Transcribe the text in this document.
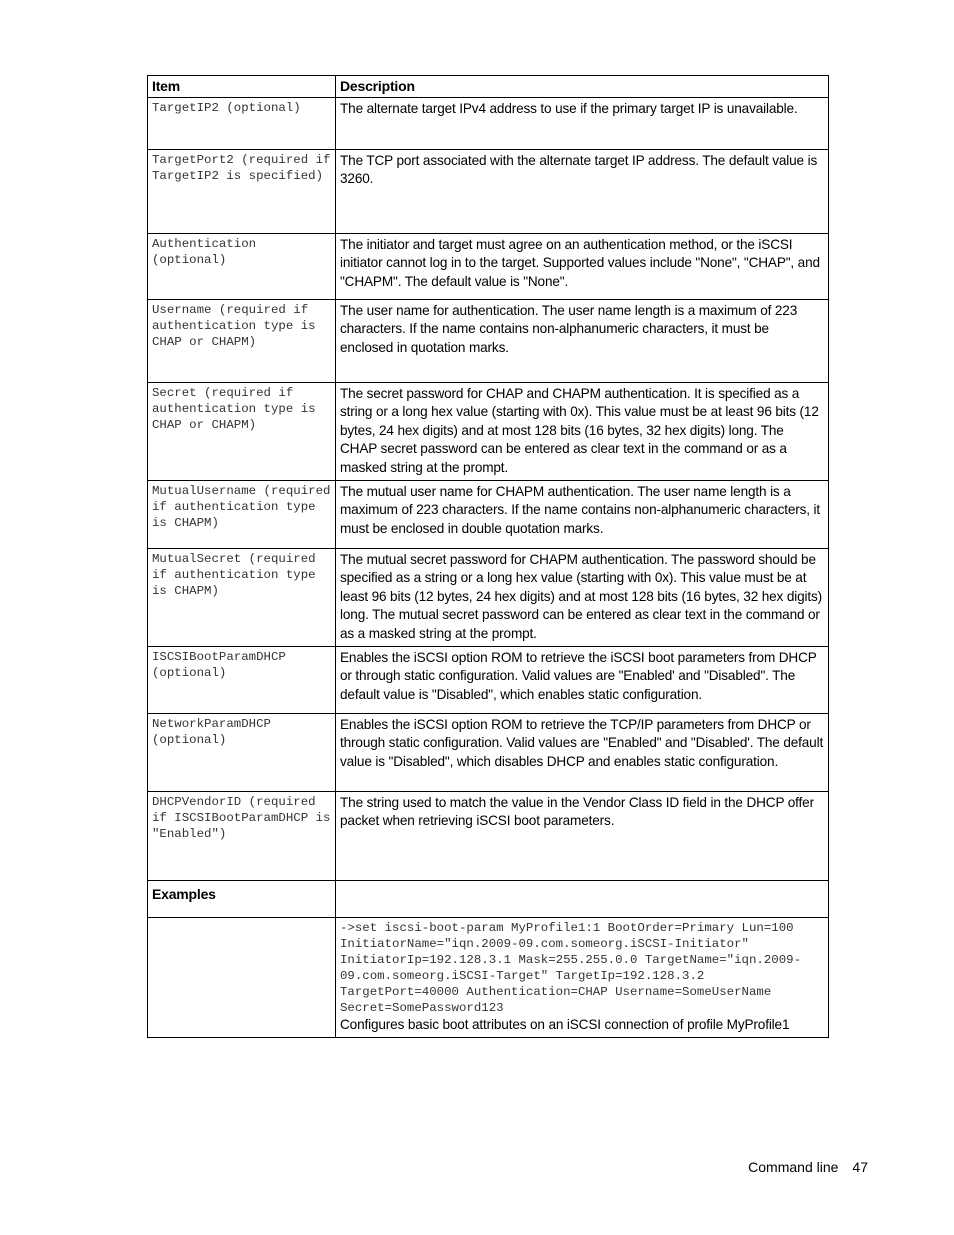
Item	Description
TargetIP2 (optional)	The alternate target IPv4 address to use if the primary target IP is unavailable.
TargetPort2 (required if TargetIP2 is specified)	The TCP port associated with the alternate target IP address. The default value is 3260.
Authentication (optional)	The initiator and target must agree on an authentication method, or the iSCSI initiator cannot log in to the target. Supported values include "None", "CHAP", and "CHAPM". The default value is "None".
Username (required if authentication type is CHAP or CHAPM)	The user name for authentication. The user name length is a maximum of 223 characters. If the name contains non-alphanumeric characters, it must be enclosed in quotation marks.
Secret (required if authentication type is CHAP or CHAPM)	The secret password for CHAP and CHAPM authentication. It is specified as a string or a long hex value (starting with 0x). This value must be at least 96 bits (12 bytes, 24 hex digits) and at most 128 bits (16 bytes, 32 hex digits) long. The CHAP secret password can be entered as clear text in the command or as a masked string at the prompt.
MutualUsername (required if authentication type is CHAPM)	The mutual user name for CHAPM authentication. The user name length is a maximum of 223 characters. If the name contains non-alphanumeric characters, it must be enclosed in double quotation marks.
MutualSecret (required if authentication type is CHAPM)	The mutual secret password for CHAPM authentication. The password should be specified as a string or a long hex value (starting with 0x). This value must be at least 96 bits (12 bytes, 24 hex digits) and at most 128 bits (16 bytes, 32 hex digits) long. The mutual secret password can be entered as clear text in the command or as a masked string at the prompt.
ISCSIBootParamDHCP (optional)	Enables the iSCSI option ROM to retrieve the iSCSI boot parameters from DHCP or through static configuration. Valid values are "Enabled' and "Disabled". The default value is "Disabled", which enables static configuration.
NetworkParamDHCP (optional)	Enables the iSCSI option ROM to retrieve the TCP/IP parameters from DHCP or through static configuration. Valid values are "Enabled" and "Disabled'. The default value is "Disabled", which disables DHCP and enables static configuration.
DHCPVendorID (required if ISCSIBootParamDHCP is "Enabled")	The string used to match the value in the Vendor Class ID field in the DHCP offer packet when retrieving iSCSI boot parameters.
Examples	

	->set iscsi-boot-param MyProfile1:1 BootOrder=Primary Lun=100 InitiatorName="iqn.2009-09.com.someorg.iSCSI-Initiator" InitiatorIp=192.128.3.1 Mask=255.255.0.0 TargetName="iqn.2009-09.com.someorg.iSCSI-Target" TargetIp=192.128.3.2 TargetPort=40000 Authentication=CHAP Username=SomeUserName Secret=SomePassword123
Configures basic boot attributes on an iSCSI connection of profile MyProfile1
Command line 47
